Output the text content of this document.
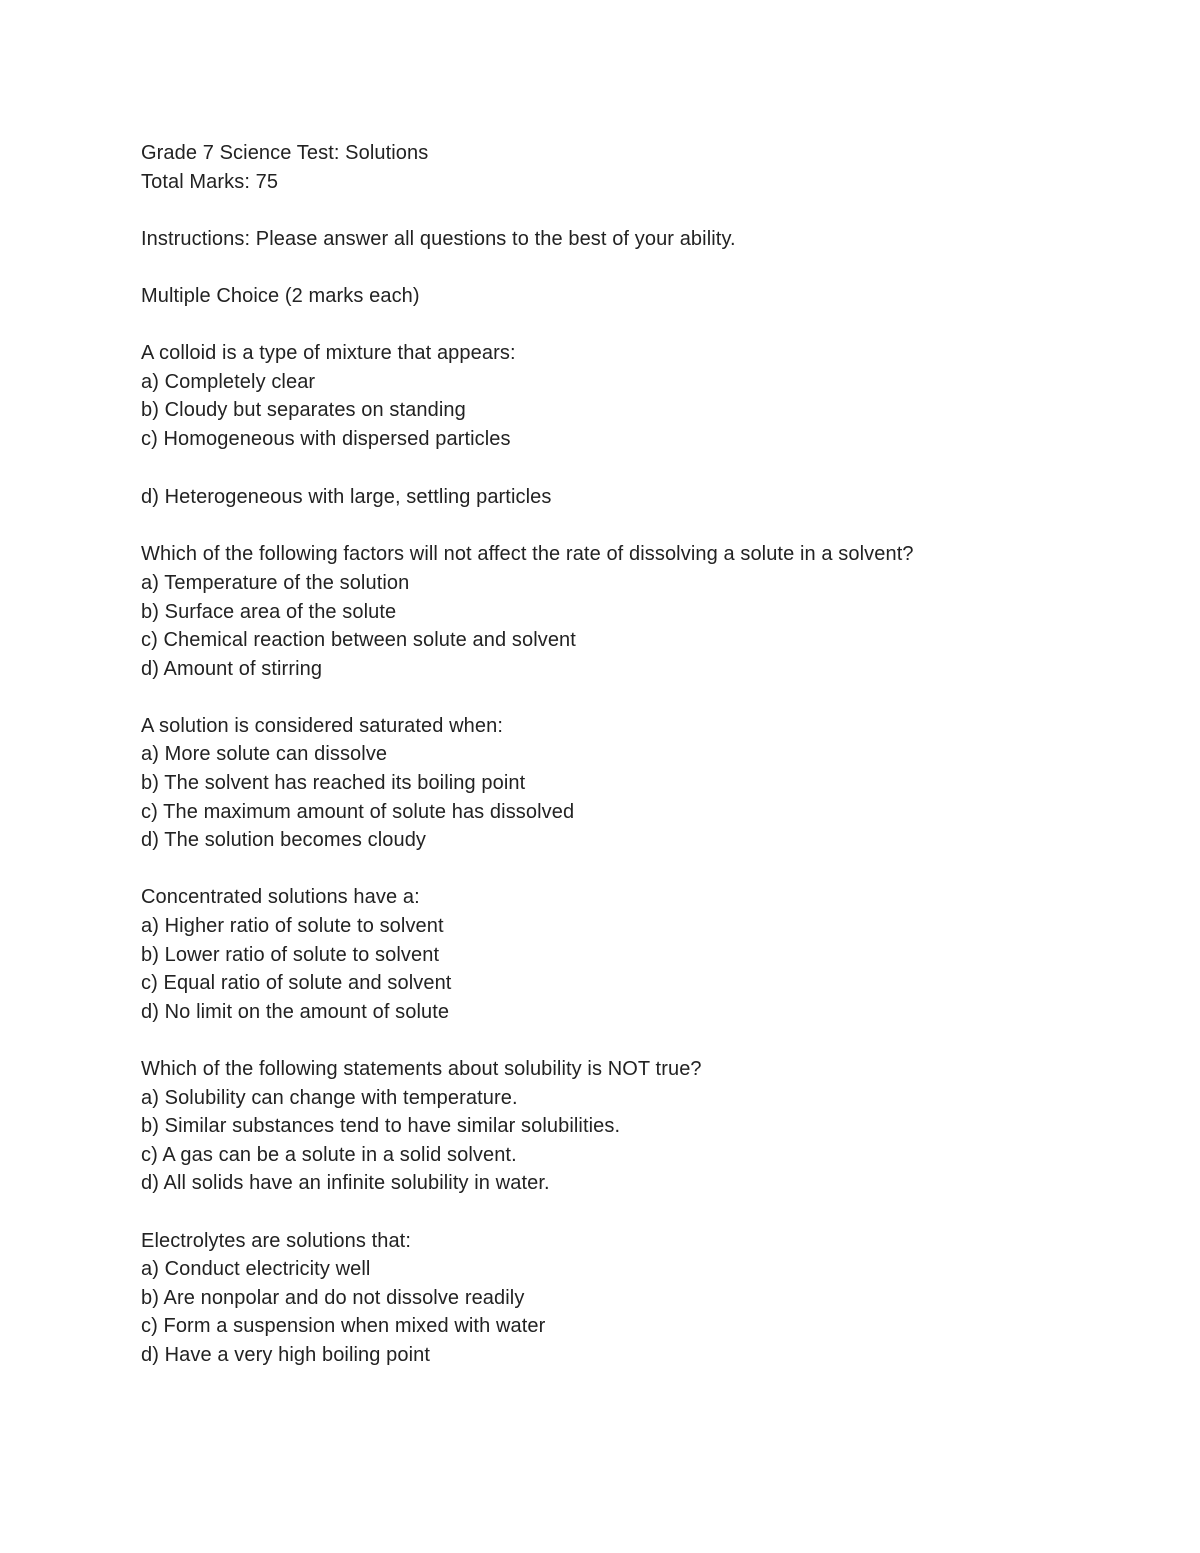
Grade 7 Science Test: Solutions

Total Marks: 75

Instructions: Please answer all questions to the best of your ability.

Multiple Choice (2 marks each)

A colloid is a type of mixture that appears:

a) Completely clear

b) Cloudy but separates on standing

c) Homogeneous with dispersed particles

d) Heterogeneous with large, settling particles

Which of the following factors will not affect the rate of dissolving a solute in a solvent?

a) Temperature of the solution

b) Surface area of the solute

c) Chemical reaction between solute and solvent

d) Amount of stirring

A solution is considered saturated when:

a) More solute can dissolve

b) The solvent has reached its boiling point

c) The maximum amount of solute has dissolved

d) The solution becomes cloudy

Concentrated solutions have a:

a) Higher ratio of solute to solvent

b) Lower ratio of solute to solvent

c) Equal ratio of solute and solvent

d) No limit on the amount of solute

Which of the following statements about solubility is NOT true?

a) Solubility can change with temperature.

b) Similar substances tend to have similar solubilities.

c) A gas can be a solute in a solid solvent.

d) All solids have an infinite solubility in water.

Electrolytes are solutions that:

a) Conduct electricity well

b) Are nonpolar and do not dissolve readily

c) Form a suspension when mixed with water

d) Have a very high boiling point
